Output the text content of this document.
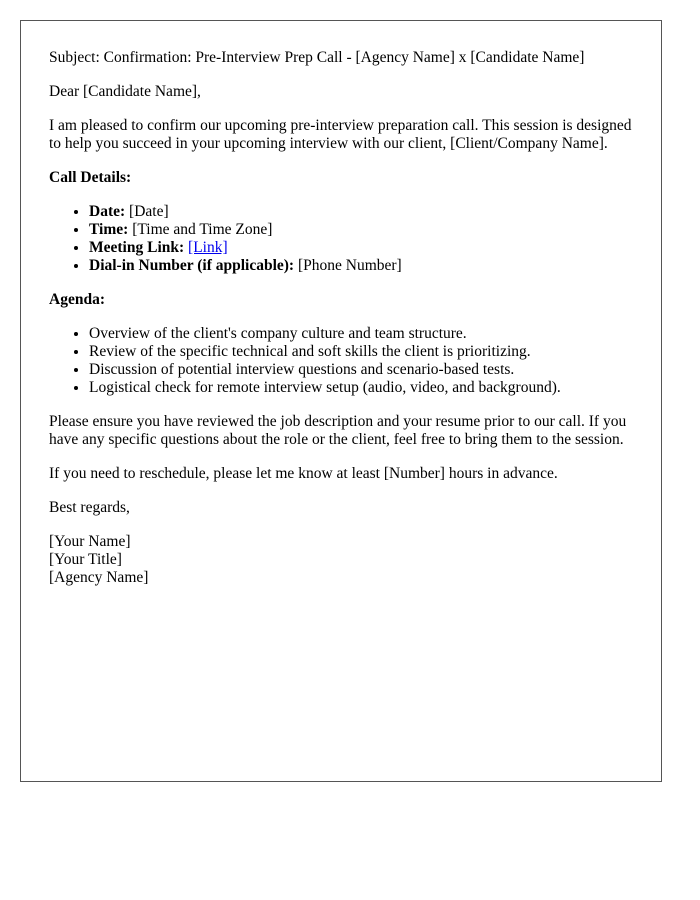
Subject: Confirmation: Pre-Interview Prep Call - [Agency Name] x [Candidate Name]

Dear [Candidate Name],

I am pleased to confirm our upcoming pre-interview preparation call. This session is designed to help you succeed in your upcoming interview with our client, [Client/Company Name].

Call Details:
• Date: [Date]
• Time: [Time and Time Zone]
• Meeting Link: [Link]
• Dial-in Number (if applicable): [Phone Number]
Agenda:
• Overview of the client's company culture and team structure.
• Review of the specific technical and soft skills the client is prioritizing.
• Discussion of potential interview questions and scenario-based tests.
• Logistical check for remote interview setup (audio, video, and background).

Please ensure you have reviewed the job description and your resume prior to our call. If you have any specific questions about the role or the client, feel free to bring them to the session.

If you need to reschedule, please let me know at least [Number] hours in advance.

Best regards,

[Your Name]
[Your Title]
[Agency Name]
